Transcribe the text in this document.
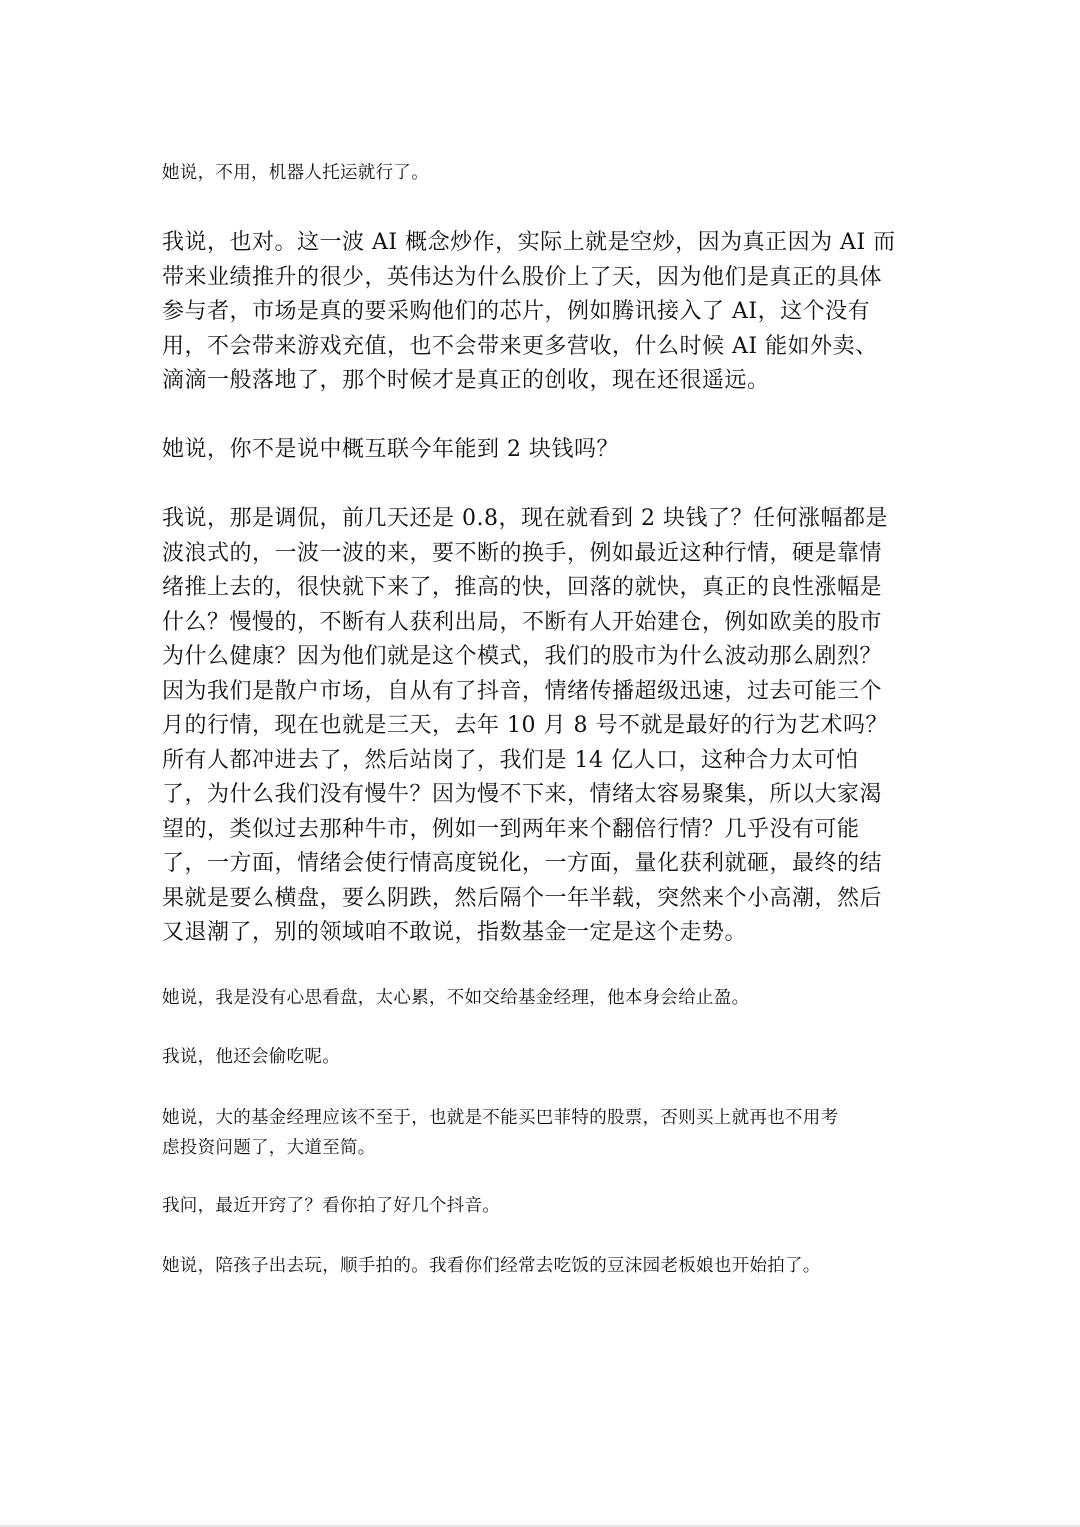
她说，不用，机器人托运就行了。

我说，也对。这一波 AI 概念炒作，实际上就是空炒，因为真正因为 AI 而
带来业绩推升的很少，英伟达为什么股价上了天，因为他们是真正的具体
参与者，市场是真的要采购他们的芯片，例如腾讯接入了 AI，这个没有
用，不会带来游戏充值，也不会带来更多营收，什么时候 AI 能如外卖、
滴滴一般落地了，那个时候才是真正的创收，现在还很遥远。

她说，你不是说中概互联今年能到 2 块钱吗？

我说，那是调侃，前几天还是 0.8，现在就看到 2 块钱了？任何涨幅都是
波浪式的，一波一波的来，要不断的换手，例如最近这种行情，硬是靠情
绪推上去的，很快就下来了，推高的快，回落的就快，真正的良性涨幅是
什么？慢慢的，不断有人获利出局，不断有人开始建仓，例如欧美的股市
为什么健康？因为他们就是这个模式，我们的股市为什么波动那么剧烈？
因为我们是散户市场，自从有了抖音，情绪传播超级迅速，过去可能三个
月的行情，现在也就是三天，去年 10 月 8 号不就是最好的行为艺术吗？
所有人都冲进去了，然后站岗了，我们是 14 亿人口，这种合力太可怕
了，为什么我们没有慢牛？因为慢不下来，情绪太容易聚集，所以大家渴
望的，类似过去那种牛市，例如一到两年来个翻倍行情？几乎没有可能
了，一方面，情绪会使行情高度锐化，一方面，量化获利就砸，最终的结
果就是要么横盘，要么阴跌，然后隔个一年半载，突然来个小高潮，然后
又退潮了，别的领域咱不敢说，指数基金一定是这个走势。

她说，我是没有心思看盘，太心累，不如交给基金经理，他本身会给止盈。

我说，他还会偷吃呢。

她说，大的基金经理应该不至于，也就是不能买巴菲特的股票，否则买上就再也不用考
虑投资问题了，大道至简。

我问，最近开窍了？看你拍了好几个抖音。

她说，陪孩子出去玩，顺手拍的。我看你们经常去吃饭的豆沫园老板娘也开始拍了。
